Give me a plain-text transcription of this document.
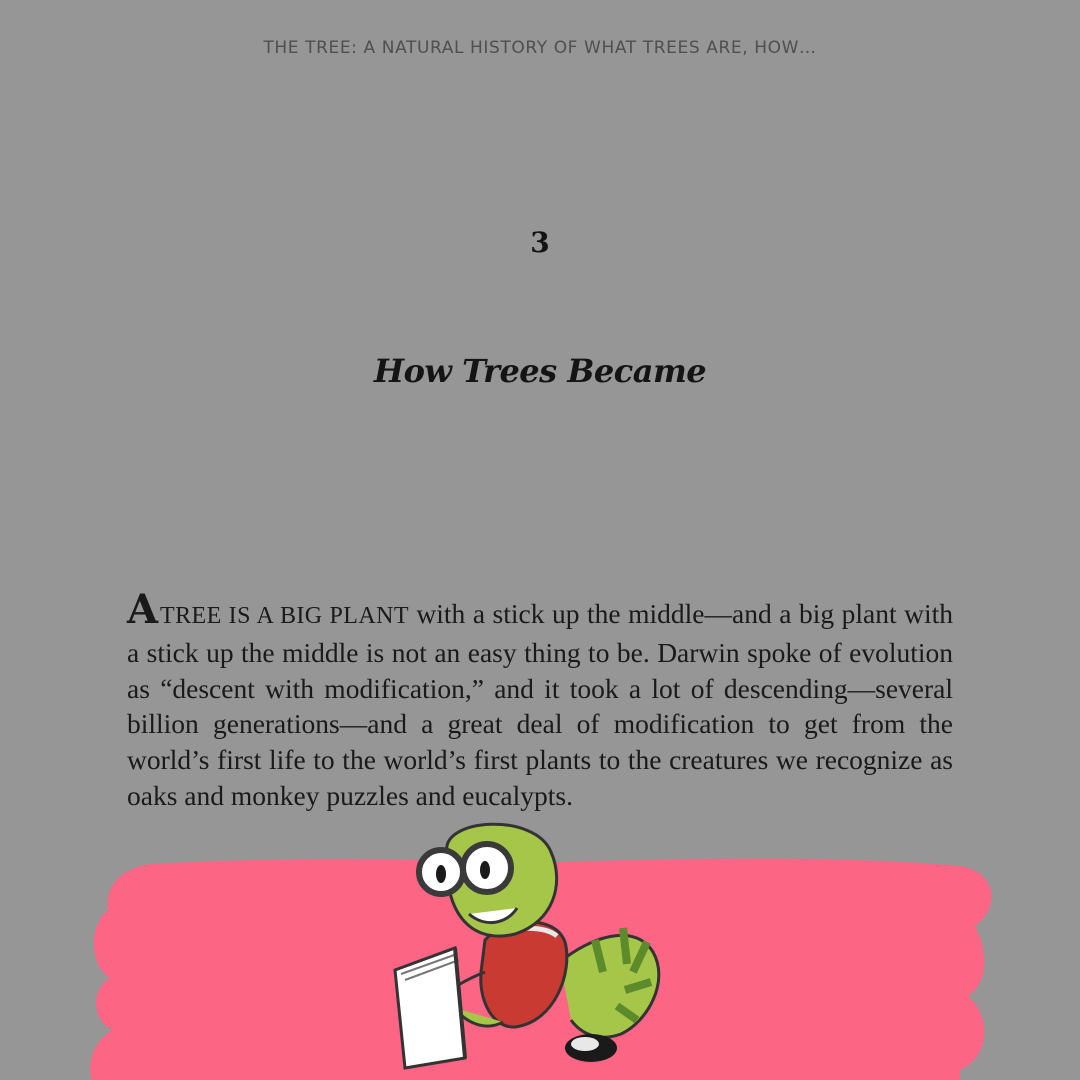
THE TREE: A NATURAL HISTORY OF WHAT TREES ARE, HOW…
3
How Trees Became

ATREE IS A BIG PLANT with a stick up the middle—and a big plant with a stick up the middle is not an easy thing to be. Darwin spoke of evolution as “descent with modification,” and it took a lot of descending—several billion generations—and a great deal of modification to get from the world’s first life to the world’s first plants to the creatures we recognize as oaks and monkey puzzles and eucalypts.
